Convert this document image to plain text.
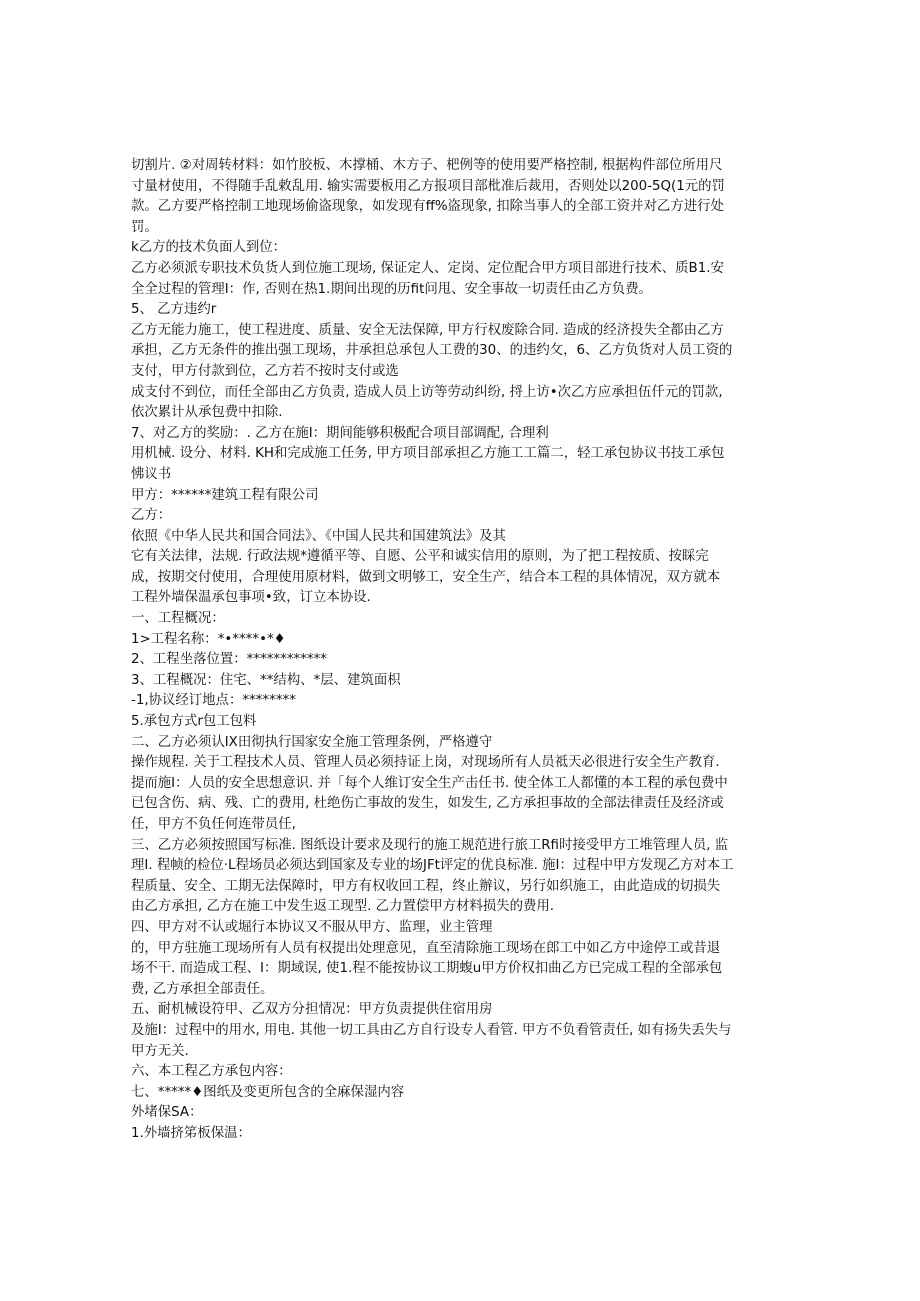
切割片. ②对周转材料：如竹胶板、木撑桶、木方子、杷例等的使用要严格控制, 根据构件部位所用尺
寸量材使用，不得随手乱敕乱用. 输实需要板用乙方报项目部枇准后裁用，否则处以200-5Q(1元的罚
款。乙方要严格控制工地现场偷盗现象，如发现有ff%盗现象, 扣除当事人的全部工资并对乙方进行处
罚。
k乙方的技术负面人到位：
乙方必须派专职技术负货人到位施工现场, 保证定人、定岗、定位配合甲方项目部进行技术、质B1.安
全全过程的管理I：作, 否则在热1.期间出现的历fit问甩、安全事故一切责任由乙方负费。
5、 乙方违约r
乙方无能力施工，使工程进度、质量、安全无法保障, 甲方行权废除合同. 造成的经济投失全都由乙方
承担，乙方无条件的推出强工现场，井承担总承包人工费的30、的违约攵，6、乙方负货对人员工资的
支付，甲方付款到位，乙方若不按时支付或选
成支付不到位，而任全部由乙方负责, 造成人员上访等劳动纠纷, 捋上访•次乙方应承担伍仟元的罚款,
依次累计从承包费中扣除.
7、对乙方的奖励：. 乙方在施I：期间能够积极配合项目部调配, 合理利
用机械. 设分、材料. KH和完成施工任务, 甲方项目部承担乙方施工工篇二，轻工承包协议书技工承包
怫议书
甲方：******建筑工程有限公司
乙方：
依照《中华人民共和国合同法》、《中国人民共和国建筑法》及其
它有关法律，法规. 行政法规*遵循平等、自愿、公平和诚实信用的原则，为了把工程按质、按睬完
成，按期交付使用，合理使用原材料，做到文明够工，安全生产，结合本工程的具体情况，双方就本
工程外墙保温承包事项•致，订立本协设.
一、工程概况：
1>工程名称：*•****•*♦
2、工程坐落位置：************
3、工程概况：住宅、**结构、*层、建筑面枳
-1,协议经订地点：********
5.承包方式r包工包料
二、乙方必须认IX田彻执行国家安全施工管理条例，严格遵守
操作规程. 关于工程技术人员、管理人员必须持证上岗，对现场所有人员祗天必很进行安全生产教育.
提而施I：人员的安全思想意识. 并「每个人维订安全生产击任书. 使全体工人都懂的本工程的承包费中
已包含伤、病、残、亡的费用, 杜绝伤亡事故的发生，如发生, 乙方承担事故的全部法律责任及经济或
任，甲方不负任何连带员任,
三、乙方必须按照国写标准. 图纸设计要求及现行的施工规范进行旅工Rfi时接受甲方工堆管理人员, 监
理I. 程帧的检位·L程场员必须达到国家及专业的场JFt评定的优良标准. 施I：过程中甲方发现乙方对本工
程质量、安全、工期无法保障时，甲方有权收回工程，终止辦议，另行如织施工，由此造成的切损失
由乙方承担, 乙方在施工中发生返工现型. 乙力置偿甲方材料损失的费用.
四、甲方对不认或堀行本协议又不服从甲方、监理，业主管理
的，甲方驻施工现场所有人员有权提出处理意见，直至清除施工现场在郎工中如乙方中途停工或昔退
场不干. 而造成工程、I：期域误, 使1.程不能按协议工期蝮u甲方价权扣曲乙方已完成工程的全部承包
费, 乙方承担全部责任。
五、耐机械设符甲、乙双方分担情况：甲方负责提供住宿用房
及施I：过程中的用水, 用电. 其他一切工具由乙方自行设专人看管. 甲方不负看管责任, 如有扬失丢失与
甲方无关.
六、本工程乙方承包内容：
七、*****♦图纸及变更所包含的全麻保湿内容
外堵保SA：
1.外墙挤笫板保温：
